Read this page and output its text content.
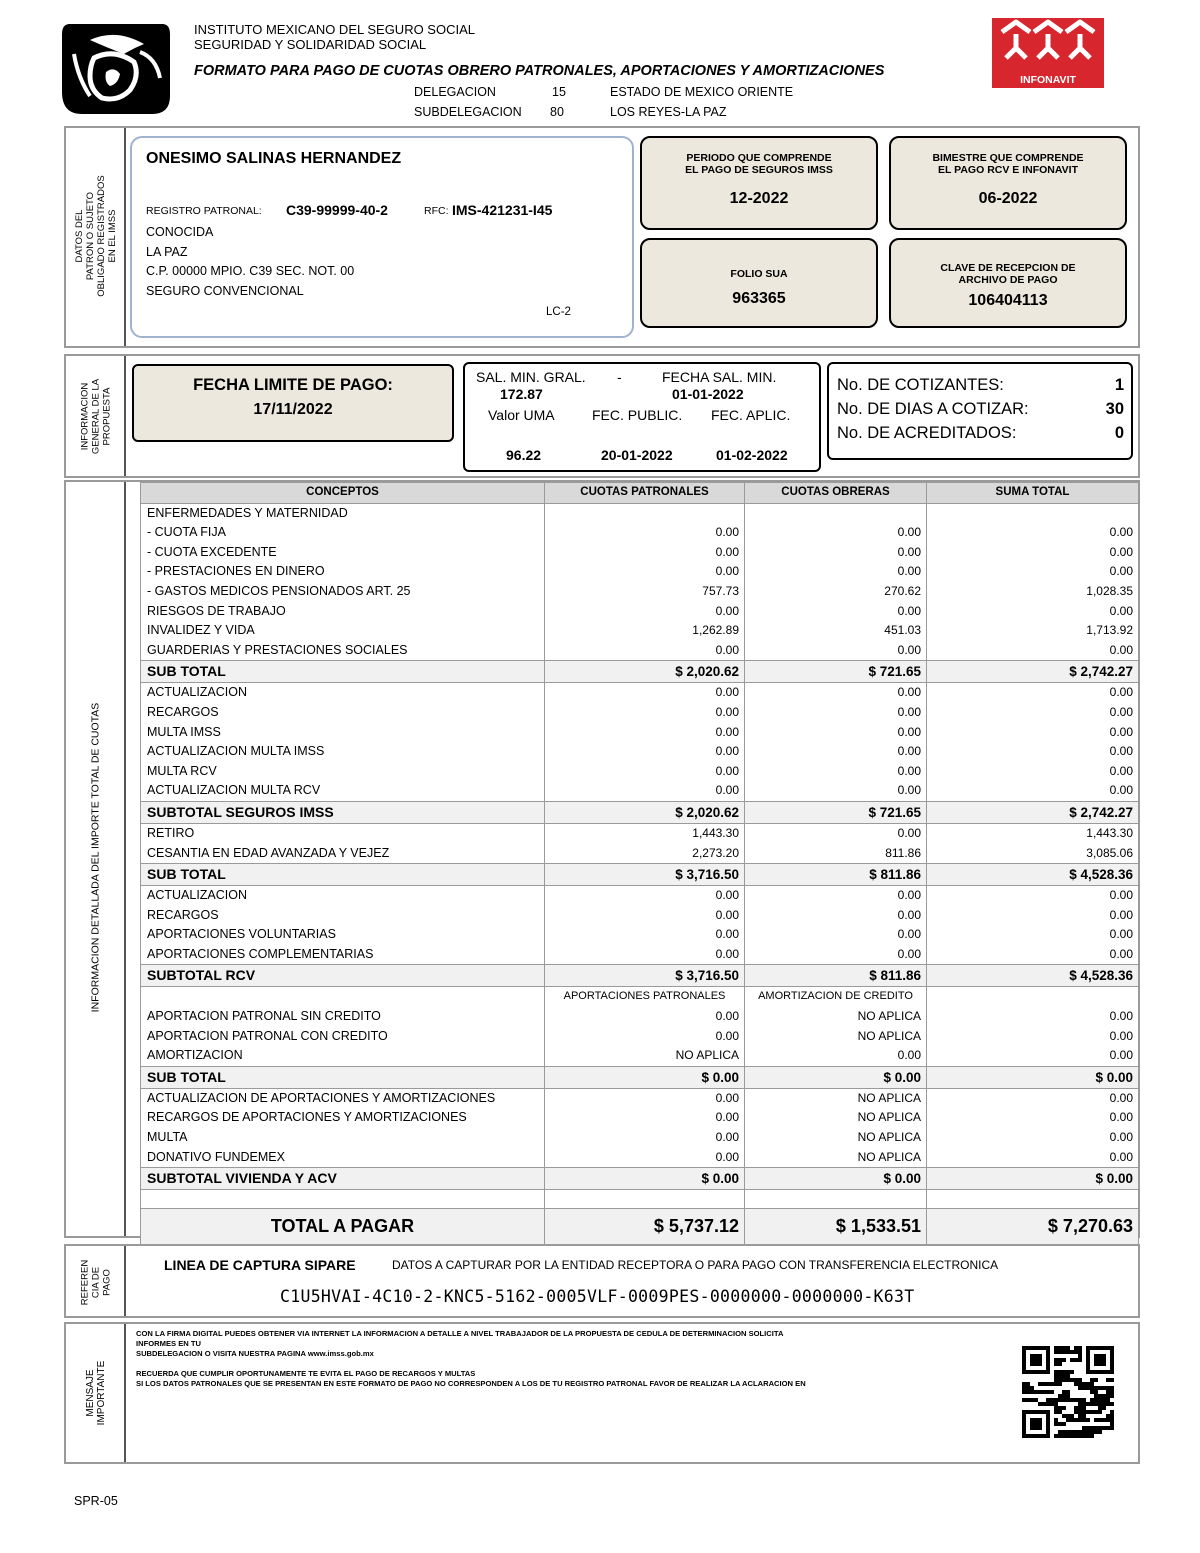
INSTITUTO MEXICANO DEL SEGURO SOCIAL
SEGURIDAD Y SOLIDARIDAD SOCIAL
FORMATO PARA PAGO DE CUOTAS OBRERO PATRONALES, APORTACIONES Y AMORTIZACIONES
DELEGACION	15	ESTADO DE MEXICO ORIENTE
SUBDELEGACION 80	LOS REYES-LA PAZ
INFONAVIT
DATOS DEL PATRON O SUJETO OBLIGADO REGISTRADOS EN EL IMSS
ONESIMO SALINAS HERNANDEZ
REGISTRO PATRONAL: C39-99999-40-2	RFC: IMS-421231-I45
CONOCIDA
LA PAZ
C.P. 00000 MPIO. C39 SEC. NOT. 00
SEGURO CONVENCIONAL
LC-2
PERIODO QUE COMPRENDE
EL PAGO DE SEGUROS IMSS
12-2022
BIMESTRE QUE COMPRENDE
EL PAGO RCV E INFONAVIT
06-2022
FOLIO SUA
963365
CLAVE DE RECEPCION DE
ARCHIVO DE PAGO
106404113
INFORMACION GENERAL DE LA PROPUESTA
FECHA LIMITE DE PAGO:
17/11/2022
SAL. MIN. GRAL. -	FECHA SAL. MIN.
172.87	01-01-2022
Valor UMA	FEC. PUBLIC. FEC. APLIC.
96.22	20-01-2022	01-02-2022
No. DE COTIZANTES:	1
No. DE DIAS A COTIZAR:	30
No. DE ACREDITADOS:	0
INFORMACION DETALLADA DEL IMPORTE TOTAL DE CUOTAS
CONCEPTOS	CUOTAS PATRONALES	CUOTAS OBRERAS	SUMA TOTAL
ENFERMEDADES Y MATERNIDAD			
- CUOTA FIJA	0.00	0.00	0.00
- CUOTA EXCEDENTE	0.00	0.00	0.00
- PRESTACIONES EN DINERO	0.00	0.00	0.00
- GASTOS MEDICOS PENSIONADOS ART. 25	757.73	270.62	1,028.35
RIESGOS DE TRABAJO	0.00	0.00	0.00
INVALIDEZ Y VIDA	1,262.89	451.03	1,713.92
GUARDERIAS Y PRESTACIONES SOCIALES	0.00	0.00	0.00
SUB TOTAL	$ 2,020.62	$ 721.65	$ 2,742.27
ACTUALIZACION	0.00	0.00	0.00
RECARGOS	0.00	0.00	0.00
MULTA IMSS	0.00	0.00	0.00
ACTUALIZACION MULTA IMSS	0.00	0.00	0.00
MULTA RCV	0.00	0.00	0.00
ACTUALIZACION MULTA RCV	0.00	0.00	0.00
SUBTOTAL SEGUROS IMSS	$ 2,020.62	$ 721.65	$ 2,742.27
RETIRO	1,443.30	0.00	1,443.30
CESANTIA EN EDAD AVANZADA Y VEJEZ	2,273.20	811.86	3,085.06
SUB TOTAL	$ 3,716.50	$ 811.86	$ 4,528.36
ACTUALIZACION	0.00	0.00	0.00
RECARGOS	0.00	0.00	0.00
APORTACIONES VOLUNTARIAS	0.00	0.00	0.00
APORTACIONES COMPLEMENTARIAS	0.00	0.00	0.00
SUBTOTAL RCV	$ 3,716.50	$ 811.86	$ 4,528.36
	APORTACIONES PATRONALES	AMORTIZACION DE CREDITO	
APORTACION PATRONAL SIN CREDITO	0.00	NO APLICA	0.00
APORTACION PATRONAL CON CREDITO	0.00	NO APLICA	0.00
AMORTIZACION	NO APLICA	0.00	0.00
SUB TOTAL	$ 0.00	$ 0.00	$ 0.00
ACTUALIZACION DE APORTACIONES Y AMORTIZACIONES	0.00	NO APLICA	0.00
RECARGOS DE APORTACIONES Y AMORTIZACIONES	0.00	NO APLICA	0.00
MULTA	0.00	NO APLICA	0.00
DONATIVO FUNDEMEX	0.00	NO APLICA	0.00
SUBTOTAL VIVIENDA Y ACV	$ 0.00	$ 0.00	$ 0.00

TOTAL A PAGAR	$ 5,737.12	$ 1,533.51	$ 7,270.63
REFEREN CIA DE PAGO
LINEA DE CAPTURA SIPARE	DATOS A CAPTURAR POR LA ENTIDAD RECEPTORA O PARA PAGO CON TRANSFERENCIA ELECTRONICA
C1U5HVAI-4C10-2-KNC5-5162-0005VLF-0009PES-0000000-0000000-K63T
MENSAJE IMPORTANTE
CON LA FIRMA DIGITAL PUEDES OBTENER VIA INTERNET LA INFORMACION A DETALLE A NIVEL TRABAJADOR DE LA PROPUESTA DE CEDULA DE DETERMINACION SOLICITA
INFORMES EN TU
SUBDELEGACION O VISITA NUESTRA PAGINA www.imss.gob.mx
RECUERDA QUE CUMPLIR OPORTUNAMENTE TE EVITA EL PAGO DE RECARGOS Y MULTAS
SI LOS DATOS PATRONALES QUE SE PRESENTAN EN ESTE FORMATO DE PAGO NO CORRESPONDEN A LOS DE TU REGISTRO PATRONAL FAVOR DE REALIZAR LA ACLARACION EN
SPR-05
